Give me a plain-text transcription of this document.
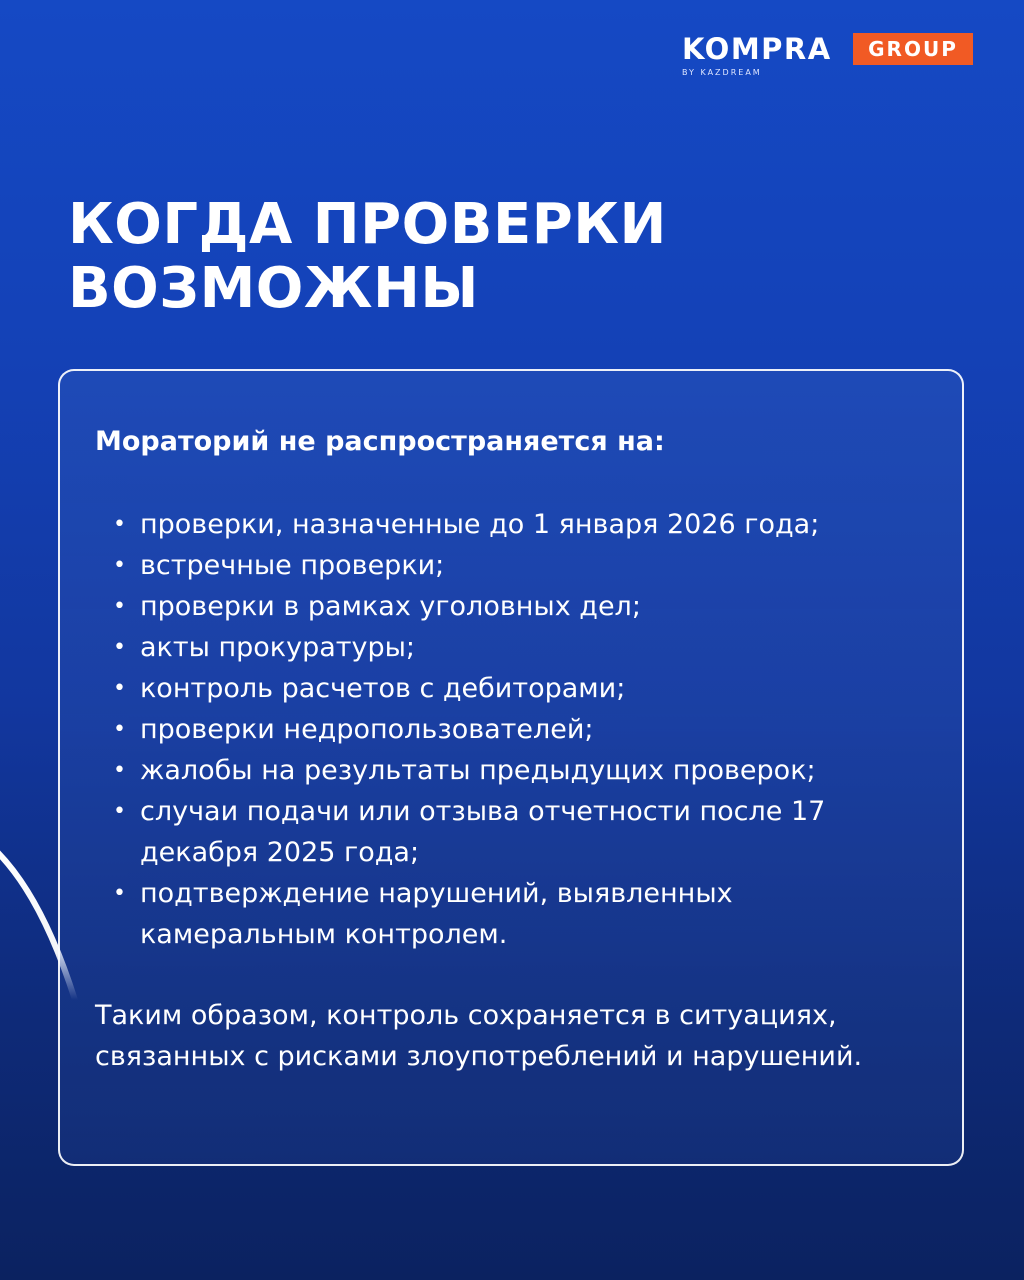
KOMPRA	GROUP
BY KAZDREAM
КОГДА ПРОВЕРКИ
ВОЗМОЖНЫ
Мораторий не распространяется на:
• проверки, назначенные до 1 января 2026 года;
• встречные проверки;
• проверки в рамках уголовных дел;
• акты прокуратуры;
• контроль расчетов с дебиторами;
• проверки недропользователей;
• жалобы на результаты предыдущих проверок;
• случаи подачи или отзыва отчетности после 17 декабря 2025 года;
• подтверждение нарушений, выявленных камеральным контролем.

Таким образом, контроль сохраняется в ситуациях, связанных с рисками злоупотреблений и нарушений.
